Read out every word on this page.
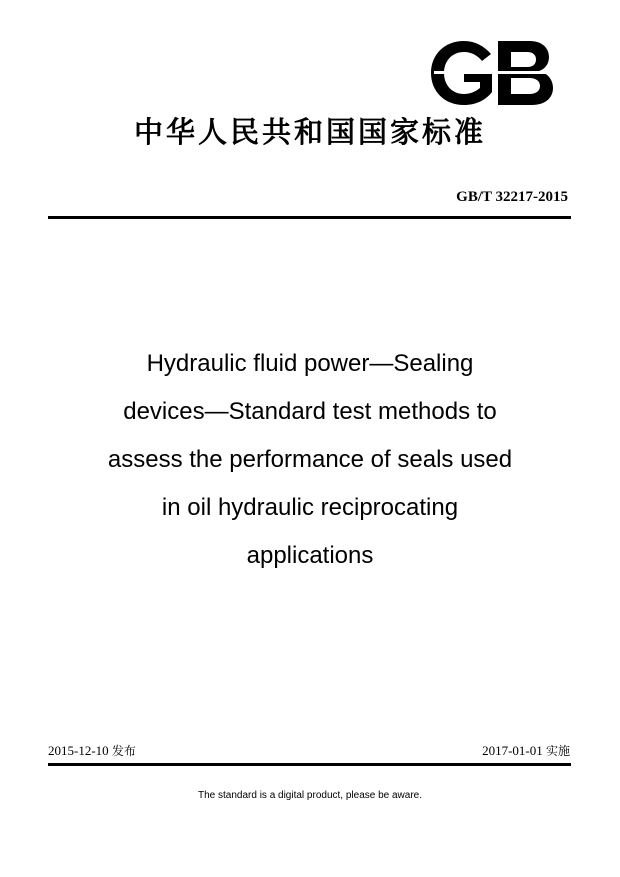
中华人民共和国国家标准
GB/T 32217-2015
Hydraulic fluid power—Sealing
devices—Standard test methods to
assess the performance of seals used
in oil hydraulic reciprocating
applications
2015-12-10 发布	2017-01-01 实施
The standard is a digital product, please be aware.
